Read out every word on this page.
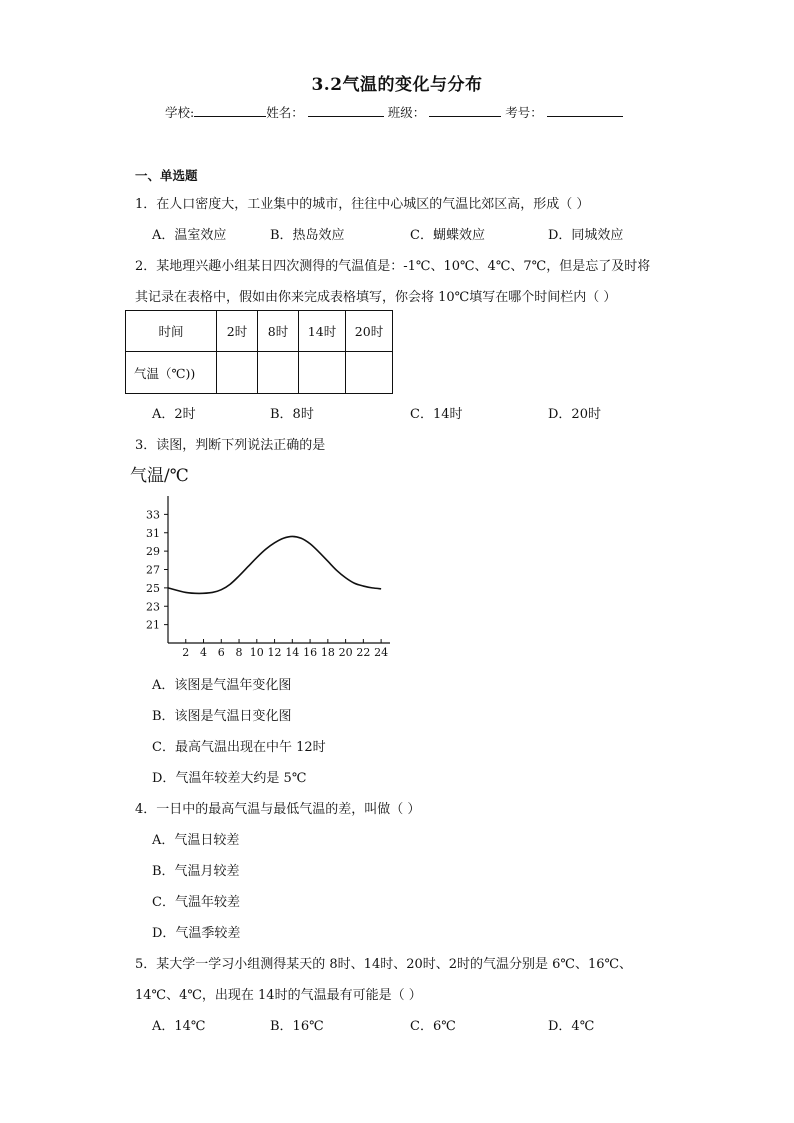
3.2气温的变化与分布
学校:	姓名：	班级：	考号：
一、单选题
1．在人口密度大，工业集中的城市，往往中心城区的气温比郊区高，形成（ ）
A．温室效应	B．热岛效应	C．蝴蝶效应	D．同城效应
2．某地理兴趣小组某日四次测得的气温值是：-1℃、10℃、4℃、7℃，但是忘了及时将
其记录在表格中，假如由你来完成表格填写，你会将 10℃填写在哪个时间栏内（ ）
时间	2时	8时	14时	20时
气温（℃))				
A．2时	B．8时	C．14时	D．20时
3．读图，判断下列说法正确的是
气温/℃
21
23
25
27
29
31
33
2 4 6 8 10 12 14 16 18 20 22 24
A．该图是气温年变化图
B．该图是气温日变化图
C．最高气温出现在中午 12时
D．气温年较差大约是 5℃
4．一日中的最高气温与最低气温的差，叫做（ ）
A．气温日较差
B．气温月较差
C．气温年较差
D．气温季较差
5．某大学一学习小组测得某天的 8时、14时、20时、2时的气温分别是 6℃、16℃、
14℃、4℃，出现在 14时的气温最有可能是（ ）
A．14℃	B．16℃	C．6℃	D．4℃
